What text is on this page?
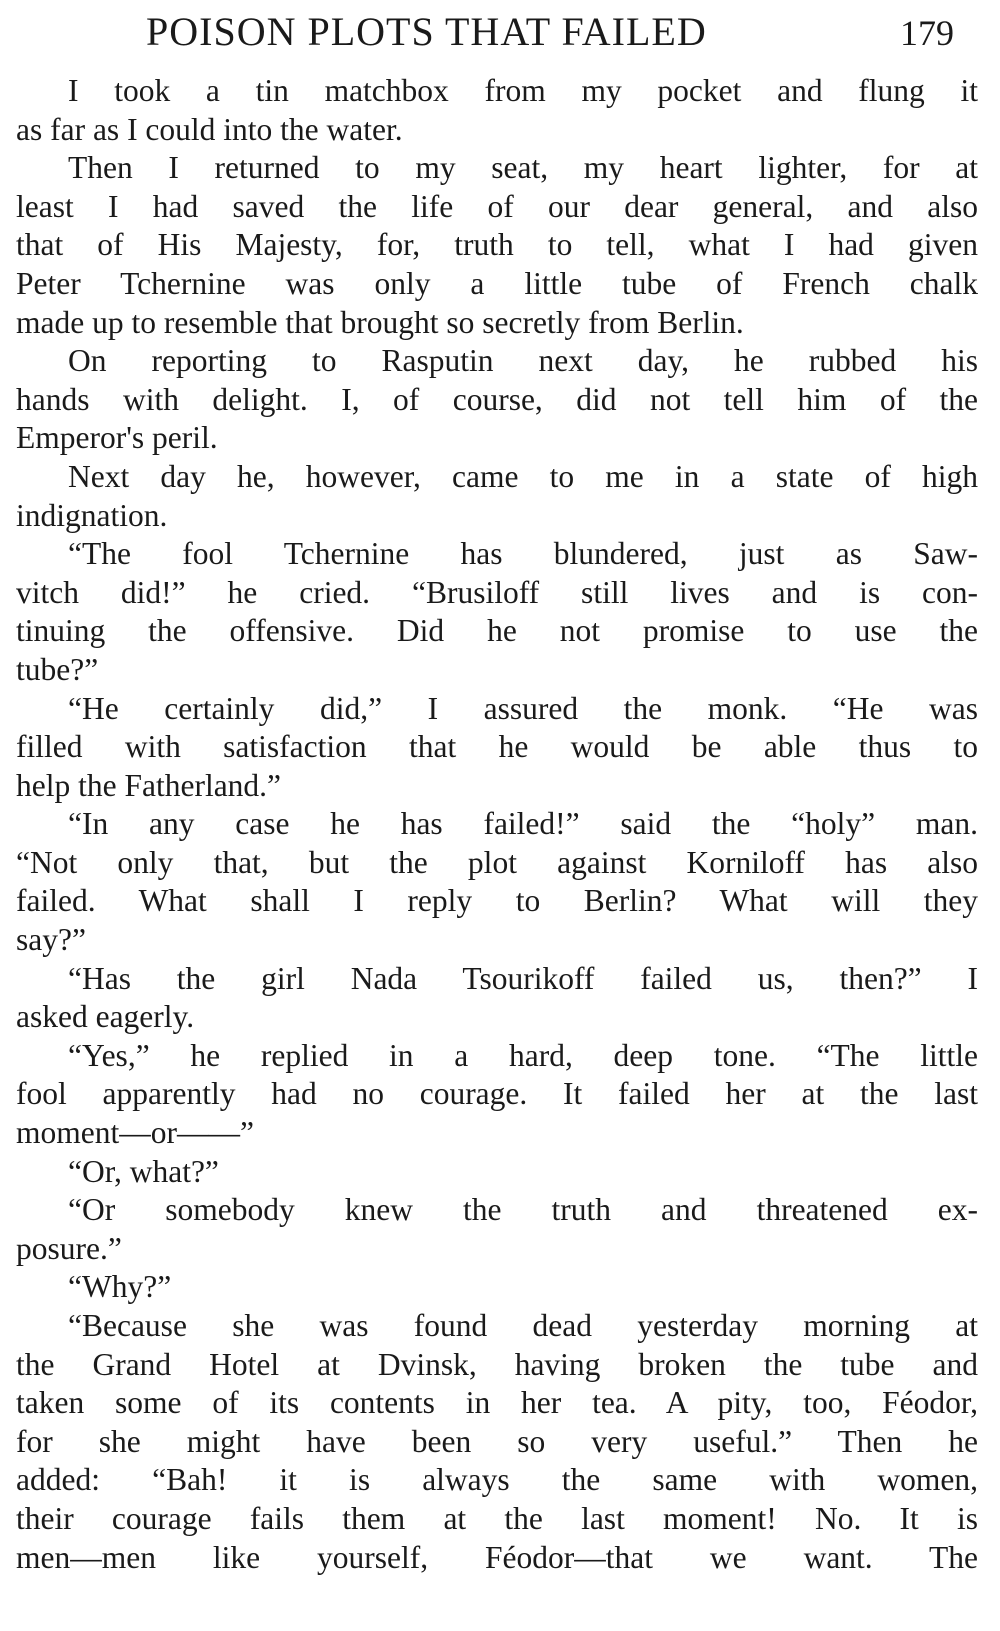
POISON PLOTS THAT FAILED	179
I took a tin matchbox from my pocket and flung it
as far as I could into the water.
Then I returned to my seat, my heart lighter, for at
least I had saved the life of our dear general, and also
that of His Majesty, for, truth to tell, what I had given
Peter Tchernine was only a little tube of French chalk
made up to resemble that brought so secretly from Berlin.
On reporting to Rasputin next day, he rubbed his
hands with delight. I, of course, did not tell him of the
Emperor's peril.
Next day he, however, came to me in a state of high
indignation.
“The fool Tchernine has blundered, just as Saw-
vitch did!” he cried. “Brusiloff still lives and is con-
tinuing the offensive. Did he not promise to use the
tube?”
“He certainly did,” I assured the monk. “He was
filled with satisfaction that he would be able thus to
help the Fatherland.”
“In any case he has failed!” said the “holy” man.
“Not only that, but the plot against Korniloff has also
failed. What shall I reply to Berlin? What will they
say?”
“Has the girl Nada Tsourikoff failed us, then?” I
asked eagerly.
“Yes,” he replied in a hard, deep tone. “The little
fool apparently had no courage. It failed her at the last
moment—or——”
“Or, what?”
“Or somebody knew the truth and threatened ex-
posure.”
“Why?”
“Because she was found dead yesterday morning at
the Grand Hotel at Dvinsk, having broken the tube and
taken some of its contents in her tea. A pity, too, Féodor,
for she might have been so very useful.” Then he
added: “Bah! it is always the same with women,
their courage fails them at the last moment! No. It is
men—men like yourself, Féodor—that we want. The
